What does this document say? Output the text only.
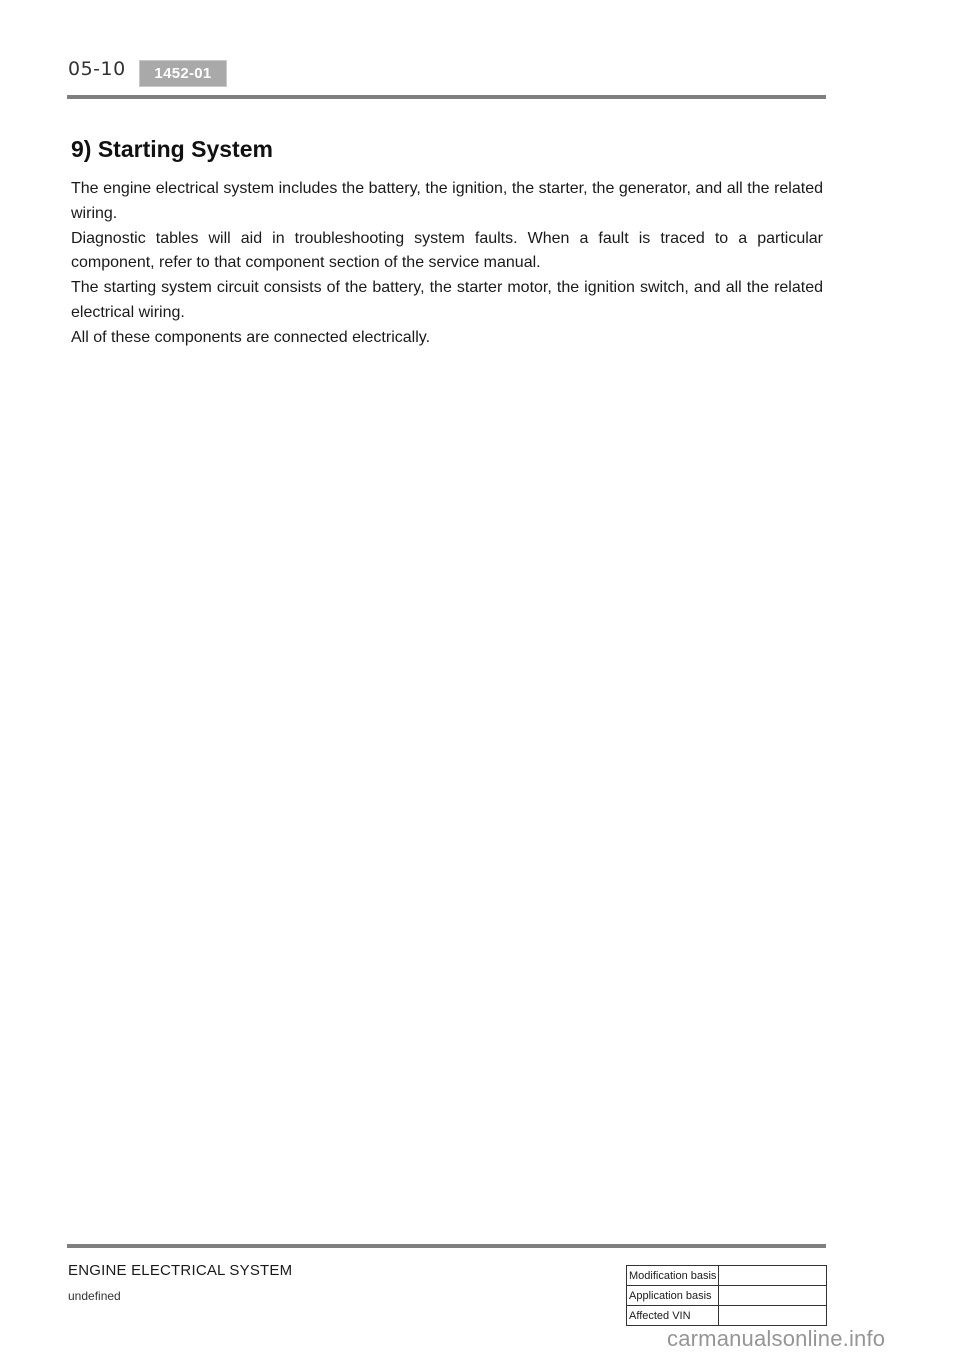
05-10	1452-01
9) Starting System

The engine electrical system includes the battery, the ignition, the starter, the generator, and all the related wiring.

Diagnostic tables will aid in troubleshooting system faults. When a fault is traced to a particular component, refer to that component section of the service manual.

The starting system circuit consists of the battery, the starter motor, the ignition switch, and all the related electrical wiring.

All of these components are connected electrically.

ENGINE ELECTRICAL SYSTEM
undefined
Modification basis	
Application basis	
Affected VIN	
carmanualsonline.info
